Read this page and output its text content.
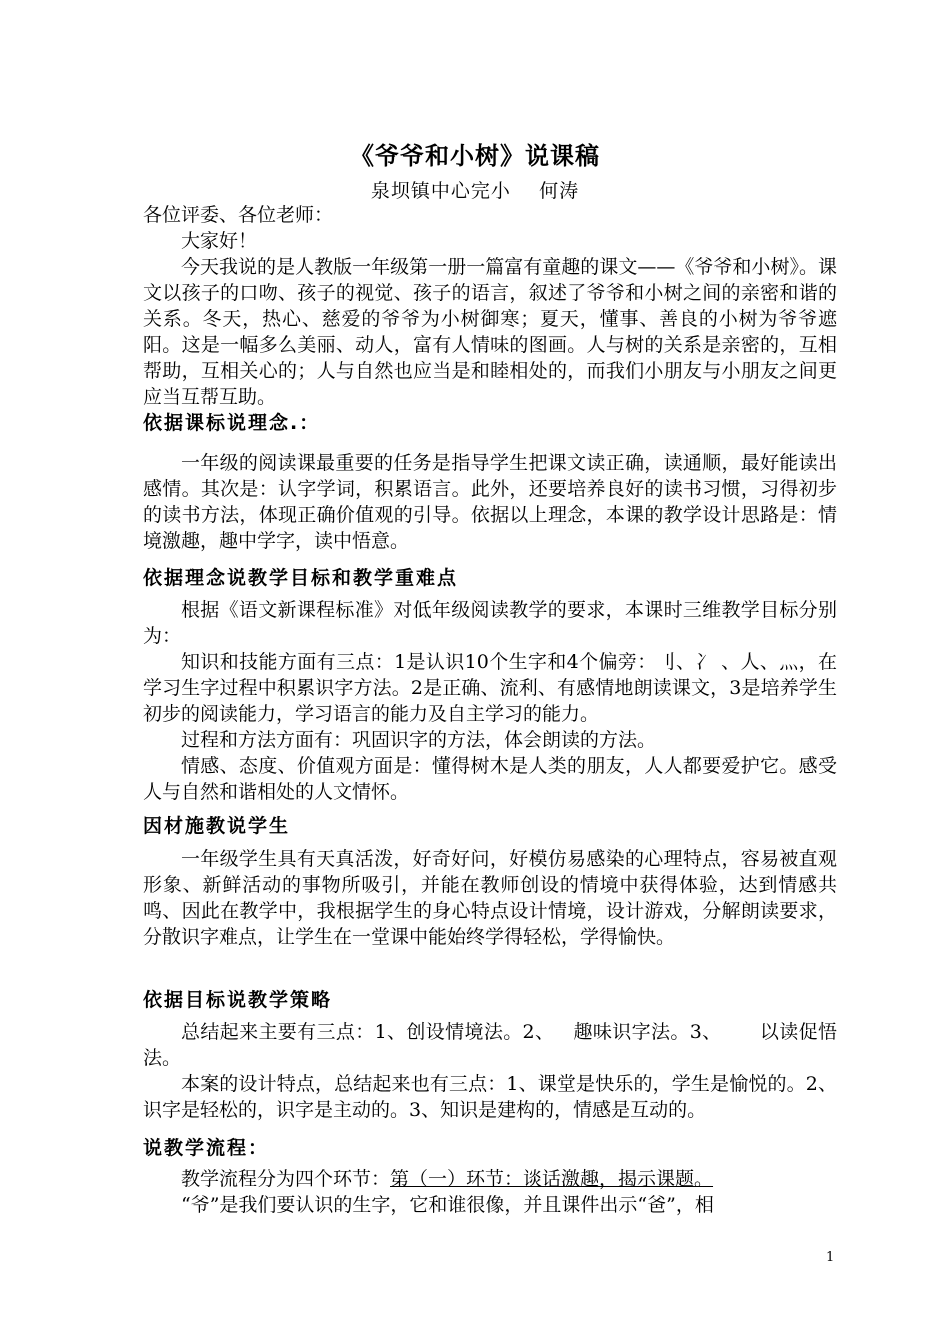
《爷爷和小树》说课稿
泉坝镇中心完小    何涛

各位评委、各位老师：

大家好！

今天我说的是人教版一年级第一册一篇富有童趣的课文——《爷爷和小树》。课文以孩子的口吻、孩子的视觉、孩子的语言，叙述了爷爷和小树之间的亲密和谐的关系。冬天，热心、慈爱的爷爷为小树御寒；夏天，懂事、善良的小树为爷爷遮阳。这是一幅多么美丽、动人，富有人情味的图画。人与树的关系是亲密的，互相帮助，互相关心的；人与自然也应当是和睦相处的，而我们小朋友与小朋友之间更应当互帮互助。

依据课标说理念.：

一年级的阅读课最重要的任务是指导学生把课文读正确，读通顺，最好能读出感情。其次是：认字学词，积累语言。此外，还要培养良好的读书习惯，习得初步的读书方法，体现正确价值观的引导。依据以上理念，本课的教学设计思路是：情境激趣，趣中学字，读中悟意。

依据理念说教学目标和教学重难点

根据《语文新课程标准》对低年级阅读教学的要求，本课时三维教学目标分别为：

知识和技能方面有三点：1是认识10个生字和4个偏旁：刂、冫 、人、灬，在学习生字过程中积累识字方法。2是正确、流利、有感情地朗读课文，3是培养学生初步的阅读能力，学习语言的能力及自主学习的能力。

过程和方法方面有：巩固识字的方法，体会朗读的方法。

情感、态度、价值观方面是：懂得树木是人类的朋友，人人都要爱护它。感受人与自然和谐相处的人文情怀。

因材施教说学生

一年级学生具有天真活泼，好奇好问，好模仿易感染的心理特点，容易被直观形象、新鲜活动的事物所吸引，并能在教师创设的情境中获得体验，达到情感共鸣、因此在教学中，我根据学生的身心特点设计情境，设计游戏，分解朗读要求，分散识字难点，让学生在一堂课中能始终学得轻松，学得愉快。

依据目标说教学策略

总结起来主要有三点：1、创设情境法。2、   趣味识字法。3、      以读促悟法。

本案的设计特点，总结起来也有三点：1、课堂是快乐的，学生是愉悦的。2、识字是轻松的，识字是主动的。3、知识是建构的，情感是互动的。

说教学流程：

教学流程分为四个环节：第（一）环节：谈话激趣，揭示课题。

“爷”是我们要认识的生字，它和谁很像，并且课件出示“爸”，相

1
